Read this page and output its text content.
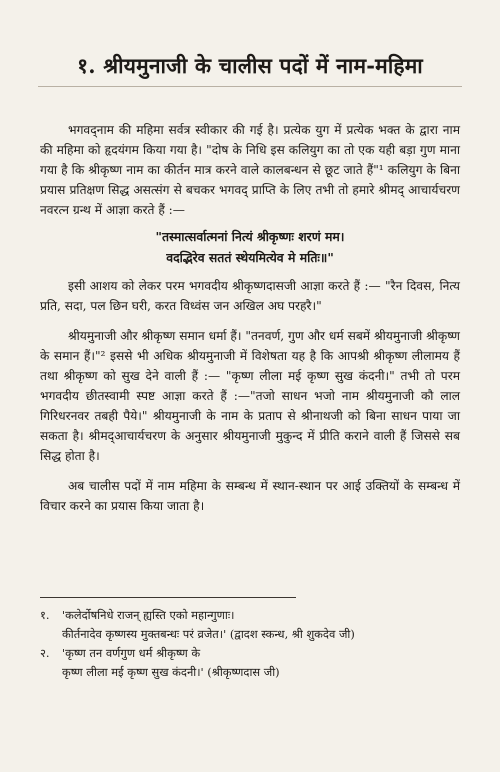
१. श्रीयमुनाजी के चालीस पदों में नाम-महिमा

भगवद्नाम की महिमा सर्वत्र स्वीकार की गई है। प्रत्येक युग में प्रत्येक भक्त के द्वारा नाम की महिमा को हृदयंगम किया गया है। "दोष के निधि इस कलियुग का तो एक यही बड़ा गुण माना गया है कि श्रीकृष्ण नाम का कीर्तन मात्र करने वाले कालबन्धन से छूट जाते हैं"¹ कलियुग के बिना प्रयास प्रतिक्षण सिद्ध असत्संग से बचकर भगवद् प्राप्ति के लिए तभी तो हमारे श्रीमद् आचार्यचरण नवरत्न ग्रन्थ में आज्ञा करते हैं :—

"तस्मात्सर्वात्मनां नित्यं श्रीकृष्णः शरणं मम।
वदद्भिरेव सततं स्थेयमित्येव मे मतिः॥"

इसी आशय को लेकर परम भगवदीय श्रीकृष्णदासजी आज्ञा करते हैं :— "रैन दिवस, नित्य प्रति, सदा, पल छिन घरी, करत विध्वंस जन अखिल अघ परहरै।"

श्रीयमुनाजी और श्रीकृष्ण समान धर्मा हैं। "तनवर्ण, गुण और धर्म सबमें श्रीयमुनाजी श्रीकृष्ण के समान हैं।"² इससे भी अधिक श्रीयमुनाजी में विशेषता यह है कि आपश्री श्रीकृष्ण लीलामय हैं तथा श्रीकृष्ण को सुख देने वाली हैं :— "कृष्ण लीला मई कृष्ण सुख कंदनी।" तभी तो परम भगवदीय छीतस्वामी स्पष्ट आज्ञा करते हैं :—"तजो साधन भजो नाम श्रीयमुनाजी कौ लाल गिरिधरनवर तबही पैये।" श्रीयमुनाजी के नाम के प्रताप से श्रीनाथजी को बिना साधन पाया जा सकता है। श्रीमद्आचार्यचरण के अनुसार श्रीयमुनाजी मुकुन्द में प्रीति कराने वाली हैं जिससे सब सिद्ध होता है।

अब चालीस पदों में नाम महिमा के सम्बन्ध में स्थान-स्थान पर आई उक्तियों के सम्बन्ध में विचार करने का प्रयास किया जाता है।

१.	'कलेर्दोषनिधे राजन् ह्यस्ति एको महान्गुणाः।
कीर्तनादेव कृष्णस्य मुक्तबन्धः परं व्रजेत।' (द्वादश स्कन्ध, श्री शुकदेव जी)
२.	'कृष्ण तन वर्णगुण धर्म श्रीकृष्ण के
कृष्ण लीला मई कृष्ण सुख कंदनी।' (श्रीकृष्णदास जी)
